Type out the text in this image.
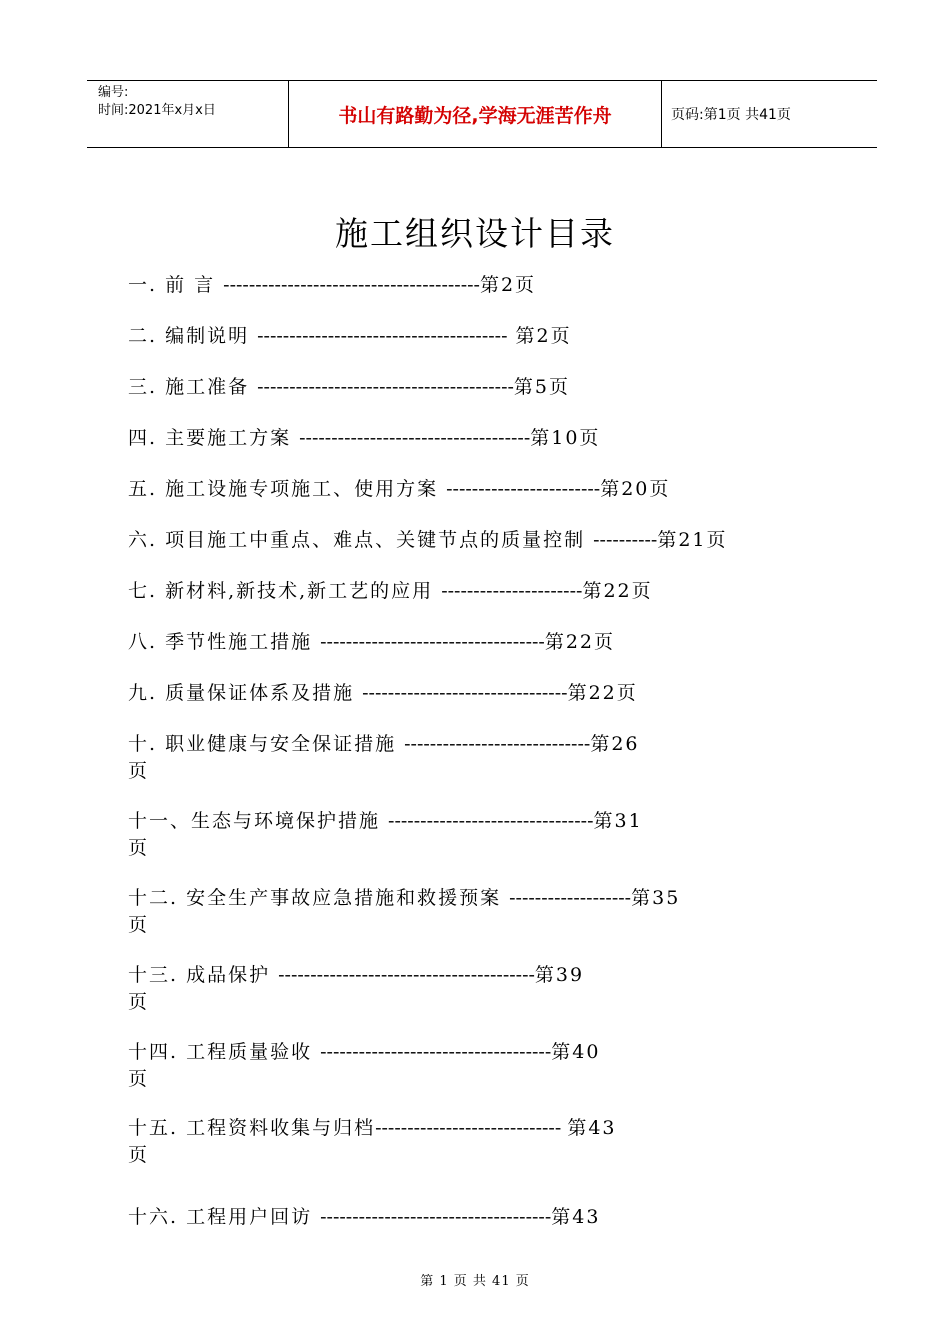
编号:
时间:2021年x月x日	书山有路勤为径,学海无涯苦作舟	页码:第1页 共41页
施工组织设计目录
一. 前 言 ----------------------------------------第2页
二. 编制说明 --------------------------------------- 第2页
三. 施工准备 ----------------------------------------第5页
四. 主要施工方案 ------------------------------------第10页
五. 施工设施专项施工、使用方案 ------------------------第20页
六. 项目施工中重点、难点、关键节点的质量控制 ----------第21页
七. 新材料,新技术,新工艺的应用 ----------------------第22页
八. 季节性施工措施 -----------------------------------第22页
九. 质量保证体系及措施 --------------------------------第22页
十. 职业健康与安全保证措施 -----------------------------第26
页
十一、生态与环境保护措施 --------------------------------第31
页
十二. 安全生产事故应急措施和救援预案 -------------------第35
页
十三. 成品保护 ----------------------------------------第39
页
十四. 工程质量验收 ------------------------------------第40
页
十五. 工程资料收集与归档----------------------------- 第43
页
十六. 工程用户回访 ------------------------------------第43
第 1 页 共 41 页
